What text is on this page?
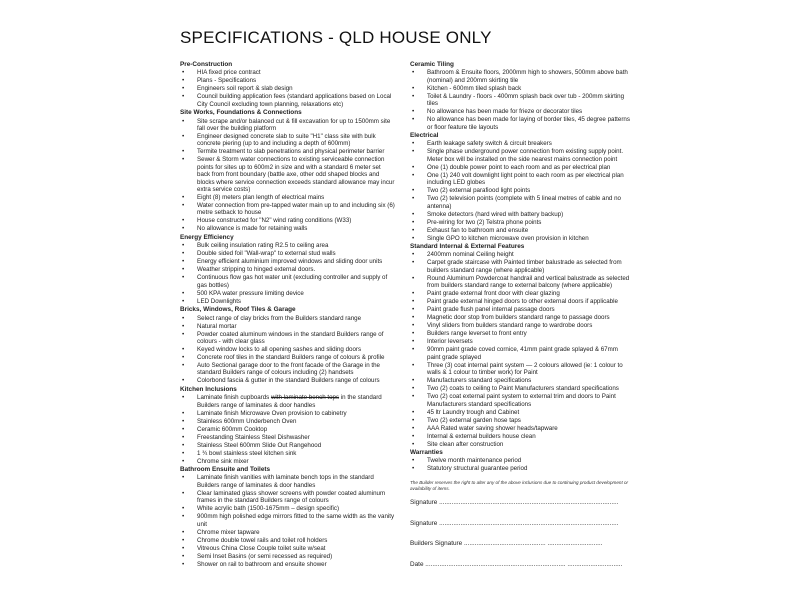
SPECIFICATIONS - QLD HOUSE ONLY
Pre-Construction
• HIA fixed price contract
• Plans - Specifications
• Engineers soil report & slab design
• Council building application fees (standard applications based on Local City Council excluding town planning, relaxations etc)
Site Works, Foundations & Connections
• Site scrape and/or balanced cut & fill excavation for up to 1500mm site fall over the building platform
• Engineer designed concrete slab to suite "H1" class site with bulk concrete piering (up to and including a depth of 600mm)
• Termite treatment to slab penetrations and physical perimeter barrier
• Sewer & Storm water connections to existing serviceable connection points for sites up to 600m2 in size and with a standard 6 meter set back from front boundary (battle axe, other odd shaped blocks and blocks where service connection exceeds standard allowance may incur extra service costs)
• Eight (8) meters plan length of electrical mains
• Water connection from pre-tapped water main up to and including six (6) metre setback to house
• House constructed for "N2" wind rating conditions (W33)
• No allowance is made for retaining walls
Energy Efficiency
• Bulk ceiling insulation rating R2.5 to ceiling area
• Double sided foil "Wall-wrap" to external stud walls
• Energy efficient aluminium improved windows and sliding door units
• Weather stripping to hinged external doors.
• Continuous flow gas hot water unit (excluding controller and supply of gas bottles)
• 500 KPA water pressure limiting device
• LED Downlights
Bricks, Windows, Roof Tiles & Garage
• Select range of clay bricks from the Builders standard range
• Natural mortar
• Powder coated aluminum windows in the standard Builders range of colours - with clear glass
• Keyed window locks to all opening sashes and sliding doors
• Concrete roof tiles in the standard Builders range of colours & profile
• Auto Sectional garage door to the front facade of the Garage in the standard Builders range of colours including (2) handsets
• Colorbond fascia & gutter in the standard Builders range of colours
Kitchen Inclusions
• Laminate finish cupboards with laminate bench tops in the standard Builders range of laminates & door handles
• Laminate finish Microwave Oven provision to cabinetry
• Stainless 600mm Underbench Oven
• Ceramic 600mm Cooktop
• Freestanding Stainless Steel Dishwasher
• Stainless Steel 600mm Slide Out Rangehood
• 1 ¾ bowl stainless steel kitchen sink
• Chrome sink mixer
Bathroom Ensuite and Toilets
• Laminate finish vanities with laminate bench tops in the standard Builders range of laminates & door handles
• Clear laminated glass shower screens with powder coated aluminum frames in the standard Builders range of colours
• White acrylic bath (1500-1675mm – design specific)
• 900mm high polished edge mirrors fitted to the same width as the vanity unit
• Chrome mixer tapware
• Chrome double towel rails and toilet roll holders
• Vitreous China Close Couple toilet suite w/seat
• Semi Inset Basins (or semi recessed as required)
• Shower on rail to bathroom and ensuite shower
Ceramic Tiling
• Bathroom & Ensuite floors, 2000mm high to showers, 500mm above bath (nominal) and 200mm skirting tile
• Kitchen - 600mm tiled splash back
• Toilet & Laundry - floors - 400mm splash back over tub - 200mm skirting tiles
• No allowance has been made for frieze or decorator tiles
• No allowance has been made for laying of border tiles, 45 degree patterns or floor feature tile layouts
Electrical
• Earth leakage safety switch & circuit breakers
• Single phase underground power connection from existing supply point. Meter box will be installed on the side nearest mains connection point
• One (1) double power point to each room and as per electrical plan
• One (1) 240 volt downlight light point to each room as per electrical plan including LED globes
• Two (2) external parafiood light points
• Two (2) television points (complete with 5 lineal metres of cable and no antenna)
• Smoke detectors (hard wired with battery backup)
• Pre-wiring for two (2) Telstra phone points
• Exhaust fan to bathroom and ensuite
• Single GPO to kitchen microwave oven provision in kitchen
Standard Internal & External Features
• 2400mm nominal Ceiling height
• Carpet grade staircase with Painted timber balustrade as selected from builders standard range (where applicable)
• Round Aluminum Powdercoat handrail and vertical balustrade as selected from builders standard range to external balcony (where applicable)
• Paint grade external front door with clear glazing
• Paint grade external hinged doors to other external doors if applicable
• Paint grade flush panel internal passage doors
• Magnetic door stop from builders standard range to passage doors
• Vinyl sliders from builders standard range to wardrobe doors
• Builders range leverset to front entry
• Interior leversets
• 90mm paint grade coved cornice, 41mm paint grade splayed & 67mm paint grade splayed
• Three (3) coat internal paint system — 2 colours allowed (ie: 1 colour to walls & 1 colour to timber work) for Paint
• Manufacturers standard specifications
• Two (2) coats to ceiling to Paint Manufacturers standard specifications
• Two (2) coat external paint system to external trim and doors to Paint Manufacturers standard specifications
• 45 ltr Laundry trough and Cabinet
• Two (2) external garden hose taps
• AAA Rated water saving shower heads/tapware
• Internal & external builders house clean
• Site clean after construction
Warranties
• Twelve month maintenance period
• Statutory structural guarantee period
The Builder reserves the right to alter any of the above inclusions due to continuing product development or availability of items.
Signature .....................................................................................................
Signature .....................................................................................................
Builders Signature .............................................. ...............................
Date ............................................................................... ...............................
